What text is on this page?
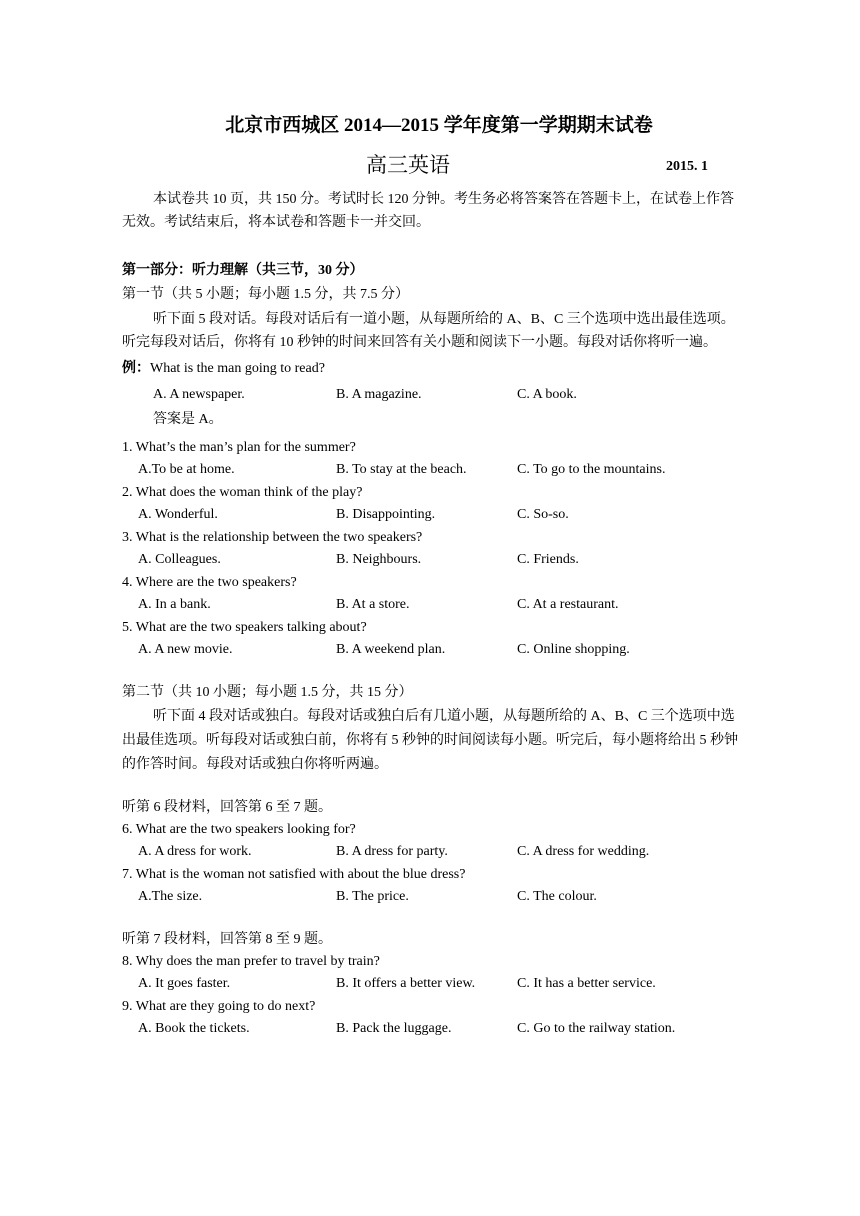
北京市西城区 2014—2015 学年度第一学期期末试卷

高三英语	2015. 1

本试卷共 10 页，共 150 分。考试时长 120 分钟。考生务必将答案答在答题卡上，在试卷上作答无效。考试结束后，将本试卷和答题卡一并交回。

第一部分：听力理解（共三节，30 分）

第一节（共 5 小题；每小题 1.5 分，共 7.5 分）

听下面 5 段对话。每段对话后有一道小题，从每题所给的 A、B、C 三个选项中选出最佳选项。听完每段对话后，你将有 10 秒钟的时间来回答有关小题和阅读下一小题。每段对话你将听一遍。

例：What is the man going to read?

A. A newspaper.	B. A magazine.	C. A book.

答案是 A。

1. What’s the man’s plan for the summer?

A.To be at home.	B. To stay at the beach.	C. To go to the mountains.

2. What does the woman think of the play?

A. Wonderful.	B. Disappointing.	C. So-so.

3. What is the relationship between the two speakers?

A. Colleagues.	B. Neighbours.	C. Friends.

4. Where are the two speakers?

A. In a bank.	B. At a store.	C. At a restaurant.

5. What are the two speakers talking about?

A. A new movie.	B. A weekend plan.	C. Online shopping.

第二节（共 10 小题；每小题 1.5 分，共 15 分）

听下面 4 段对话或独白。每段对话或独白后有几道小题，从每题所给的 A、B、C 三个选项中选出最佳选项。听每段对话或独白前，你将有 5 秒钟的时间阅读每小题。听完后，每小题将给出 5 秒钟的作答时间。每段对话或独白你将听两遍。

听第 6 段材料，回答第 6 至 7 题。

6. What are the two speakers looking for?

A. A dress for work.	B. A dress for party.	C. A dress for wedding.

7. What is the woman not satisfied with about the blue dress?

A.The size.	B. The price.	C. The colour.

听第 7 段材料，回答第 8 至 9 题。

8. Why does the man prefer to travel by train?

A. It goes faster.	B. It offers a better view.	C. It has a better service.

9. What are they going to do next?

A. Book the tickets.	B. Pack the luggage.	C. Go to the railway station.
